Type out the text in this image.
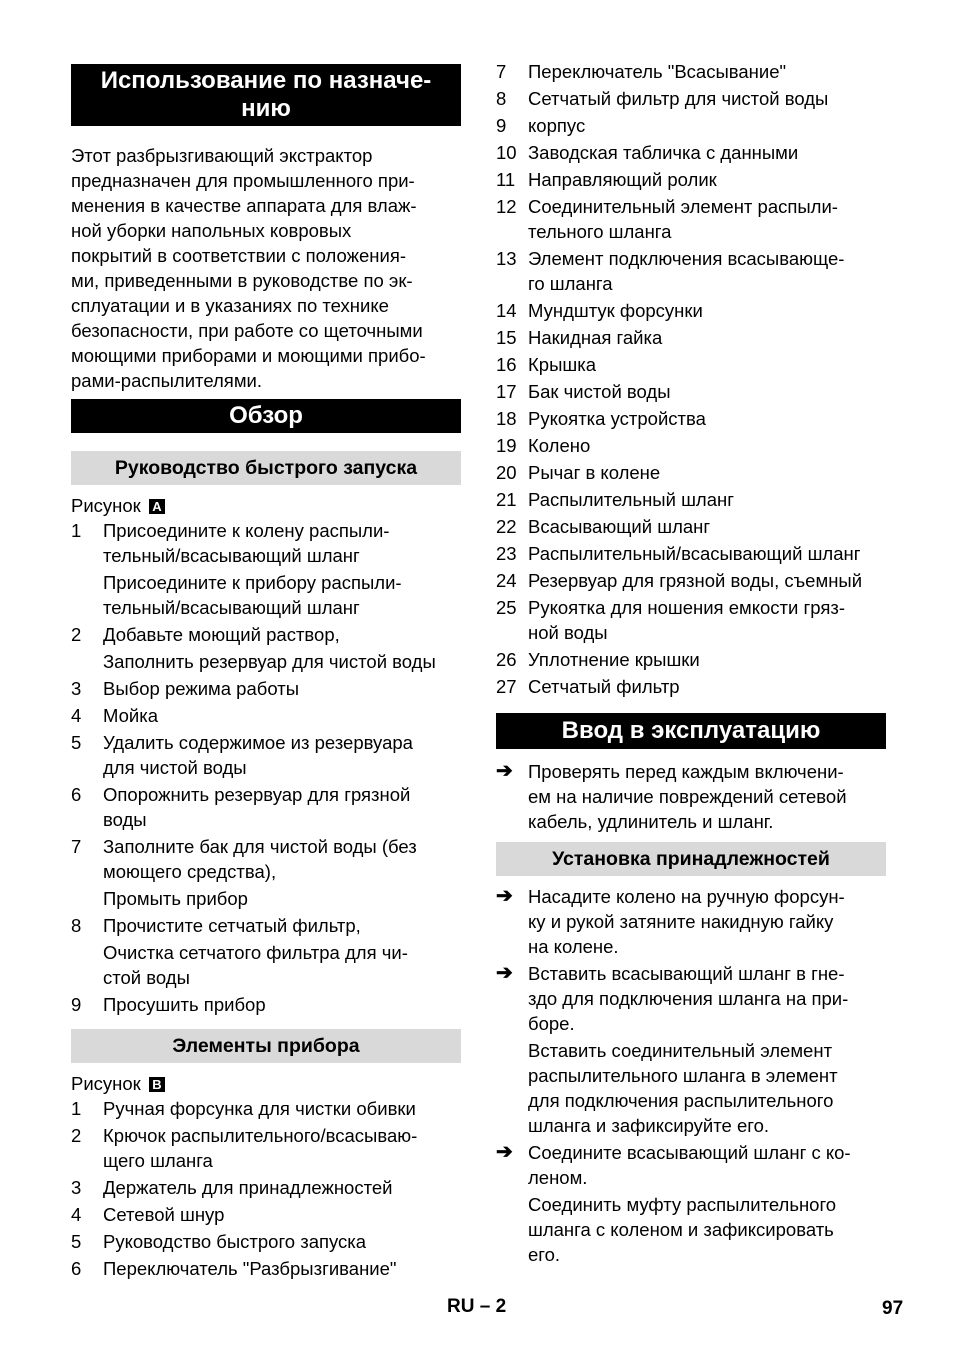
Использование по назначе-
нию
Этот разбрызгивающий экстрактор
предназначен для промышленного при-
менения в качестве аппарата для влаж-
ной уборки напольных ковровых
покрытий в соответствии с положения-
ми, приведенными в руководстве по эк-
сплуатации и в указаниях по технике
безопасности, при работе со щеточными
моющими приборами и моющими прибо-
рами-распылителями.
Обзор
Руководство быстрого запуска
Рисунок A
1 Присоедините к колену распыли-
тельный/всасывающий шланг
Присоедините к прибору распыли-
тельный/всасывающий шланг
2 Добавьте моющий раствор,
Заполнить резервуар для чистой воды
3 Выбор режима работы
4 Мойка
5 Удалить содержимое из резервуара
для чистой воды
6 Опорожнить резервуар для грязной
воды
7 Заполните бак для чистой воды (без
моющего средства),
Промыть прибор
8 Прочистите сетчатый фильтр,
Очистка сетчатого фильтра для чи-
стой воды
9 Просушить прибор
Элементы прибора
Рисунок B
1 Ручная форсунка для чистки обивки
2 Крючок распылительного/всасываю-
щего шланга
3 Держатель для принадлежностей
4 Сетевой шнур
5 Руководство быстрого запуска
6 Переключатель "Разбрызгивание"
7 Переключатель "Всасывание"
8 Сетчатый фильтр для чистой воды
9 корпус
10 Заводская табличка с данными
11 Направляющий ролик
12 Соединительный элемент распыли-
тельного шланга
13 Элемент подключения всасывающе-
го шланга
14 Мундштук форсунки
15 Накидная гайка
16 Крышка
17 Бак чистой воды
18 Рукоятка устройства
19 Колено
20 Рычаг в колене
21 Распылительный шланг
22 Всасывающий шланг
23 Распылительный/всасывающий шланг
24 Резервуар для грязной воды, съемный
25 Рукоятка для ношения емкости гряз-
ной воды
26 Уплотнение крышки
27 Сетчатый фильтр
Ввод в эксплуатацию
➔ Проверять перед каждым включени-
ем на наличие повреждений сетевой
кабель, удлинитель и шланг.
Установка принадлежностей
➔ Насадите колено на ручную форсун-
ку и рукой затяните накидную гайку
на колене.
➔ Вставить всасывающий шланг в гне-
здо для подключения шланга на при-
боре.
Вставить соединительный элемент
распылительного шланга в элемент
для подключения распылительного
шланга и зафиксируйте его.
➔ Соедините всасывающий шланг с ко-
леном.
Соединить муфту распылительного
шланга с коленом и зафиксировать
его.
RU – 2	97
